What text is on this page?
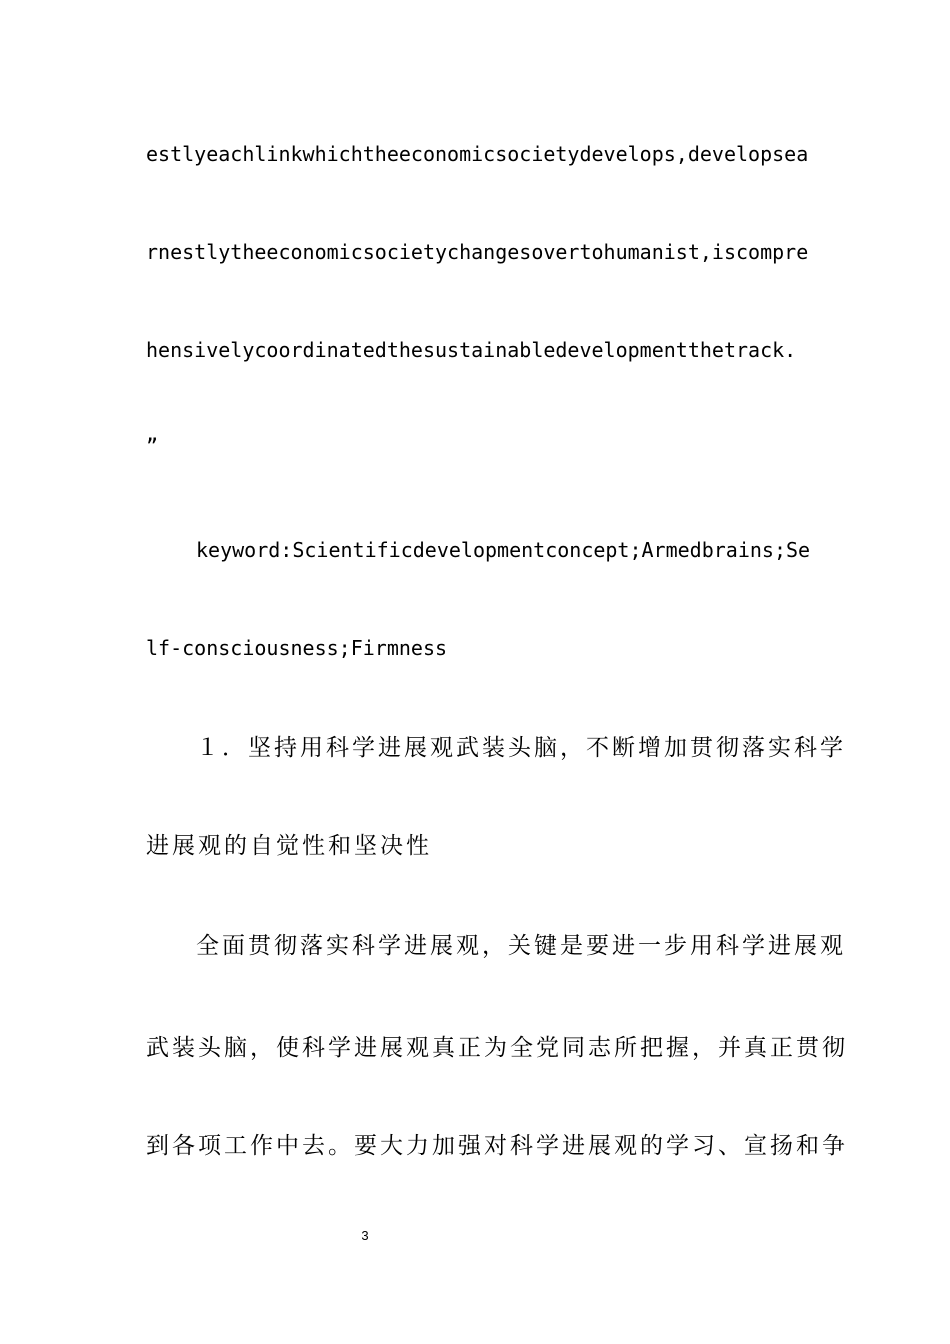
estlyeachlinkwhichtheeconomicsocietydevelops,developsea
rnestlytheeconomicsocietychangesovertohumanist,iscompre
hensivelycoordinatedthesustainabledevelopmentthetrack.
”
keyword:Scientificdevelopmentconcept;Armedbrains;Se
lf-consciousness;Firmness
１．坚持用科学进展观武装头脑，不断增加贯彻落实科学
进展观的自觉性和坚决性
全面贯彻落实科学进展观，关键是要进一步用科学进展观
武装头脑，使科学进展观真正为全党同志所把握，并真正贯彻
到各项工作中去。要大力加强对科学进展观的学习、宣扬和争
3
